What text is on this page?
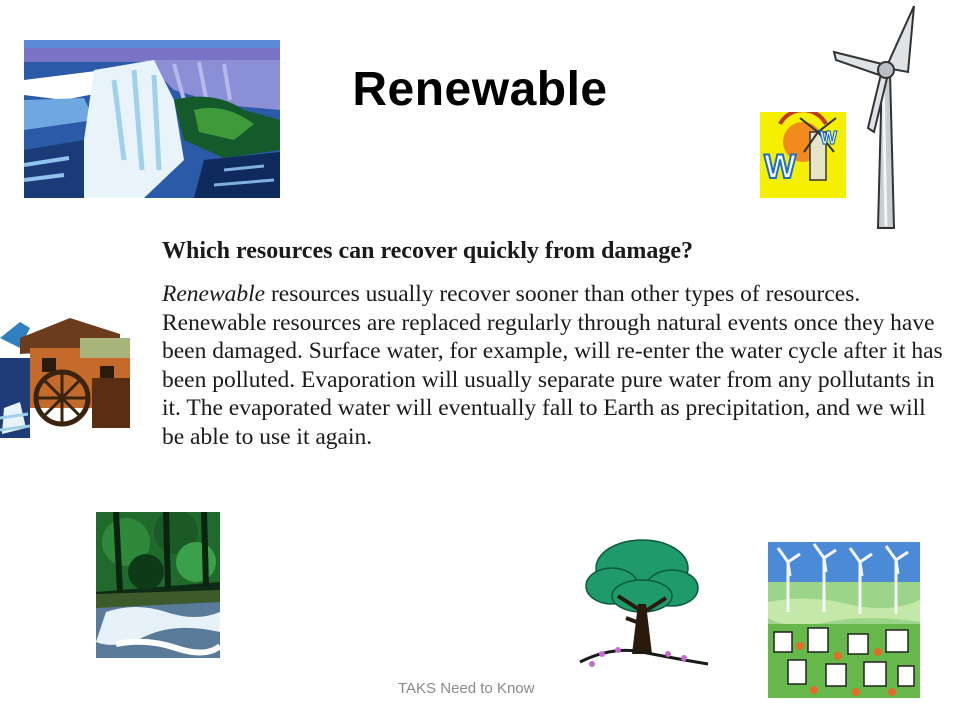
Renewable
W
W
Which resources can recover quickly from damage?
Renewable resources usually recover sooner than other types of resources. Renewable resources are replaced regularly through natural events once they have been damaged. Surface water, for example, will re-enter the water cycle after it has been polluted. Evaporation will usually separate pure water from any pollutants in it. The evaporated water will eventually fall to Earth as precipitation, and we will be able to use it again.
TAKS Need to Know
